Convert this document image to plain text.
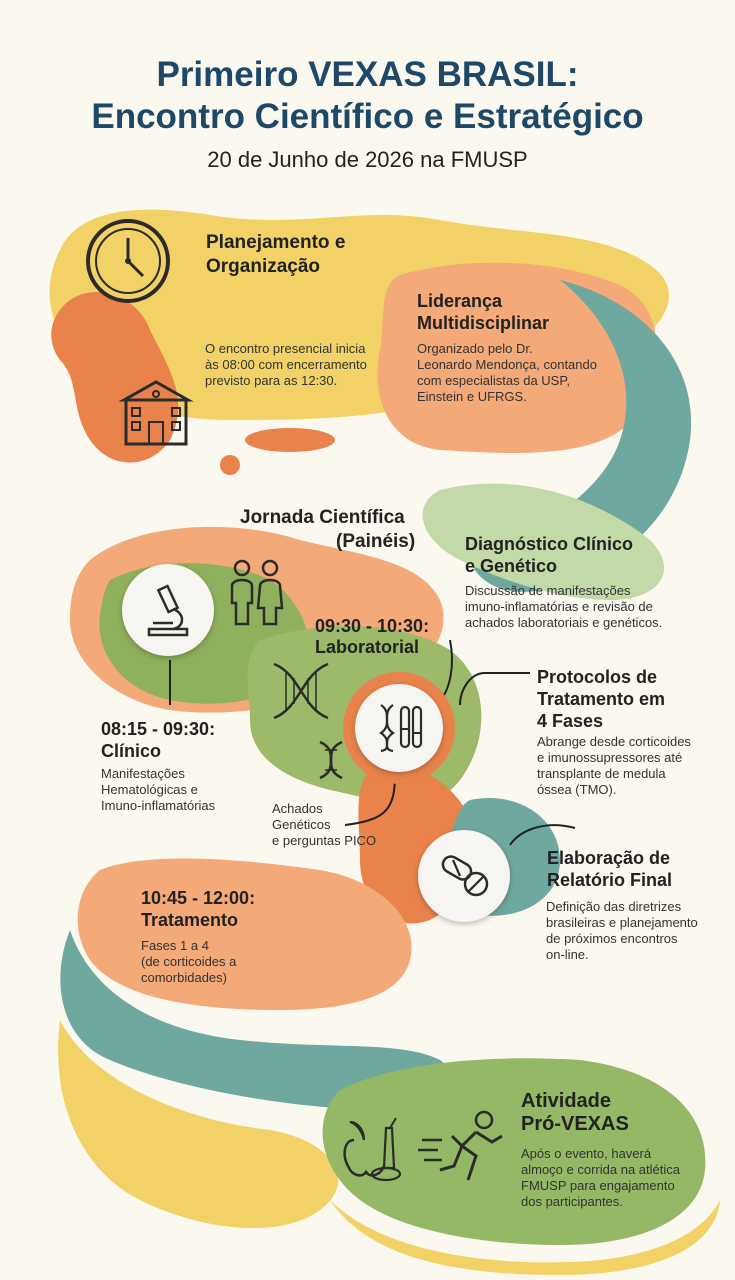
Primeiro VEXAS BRASIL:
Encontro Científico e Estratégico

20 de Junho de 2026 na FMUSP

Planejamento e

Organização

O encontro presencial inicia

às 08:00 com encerramento

previsto para as 12:30.

Liderança

Multidisciplinar

Organizado pelo Dr.

Leonardo Mendonça, contando

com especialistas da USP,

Einstein e UFRGS.

Jornada Científica

(Painéis)	Diagnóstico Clínico

e Genético

Discussão de manifestações

imuno-inflamatórias e revisão de

achados laboratoriais e genéticos.

09:30 - 10:30:

Laboratorial

Protocolos de

Tratamento em

4 Fases

Abrange desde corticoides

e imunossupressores até

transplante de medula

óssea (TMO).

08:15 - 09:30:

Clínico

Manifestações

Hematológicas e

Imuno-inflamatórias	Achados

Genéticos

e perguntas PICO

Elaboração de

Relatório Final

Definição das diretrizes

brasileiras e planejamento

de próximos encontros

on-line.

10:45 - 12:00:

Tratamento

Fases 1 a 4

(de corticoides a

comorbidades)

Atividade

Pró-VEXAS

Após o evento, haverá

almoço e corrida na atlética

FMUSP para engajamento

dos participantes.
